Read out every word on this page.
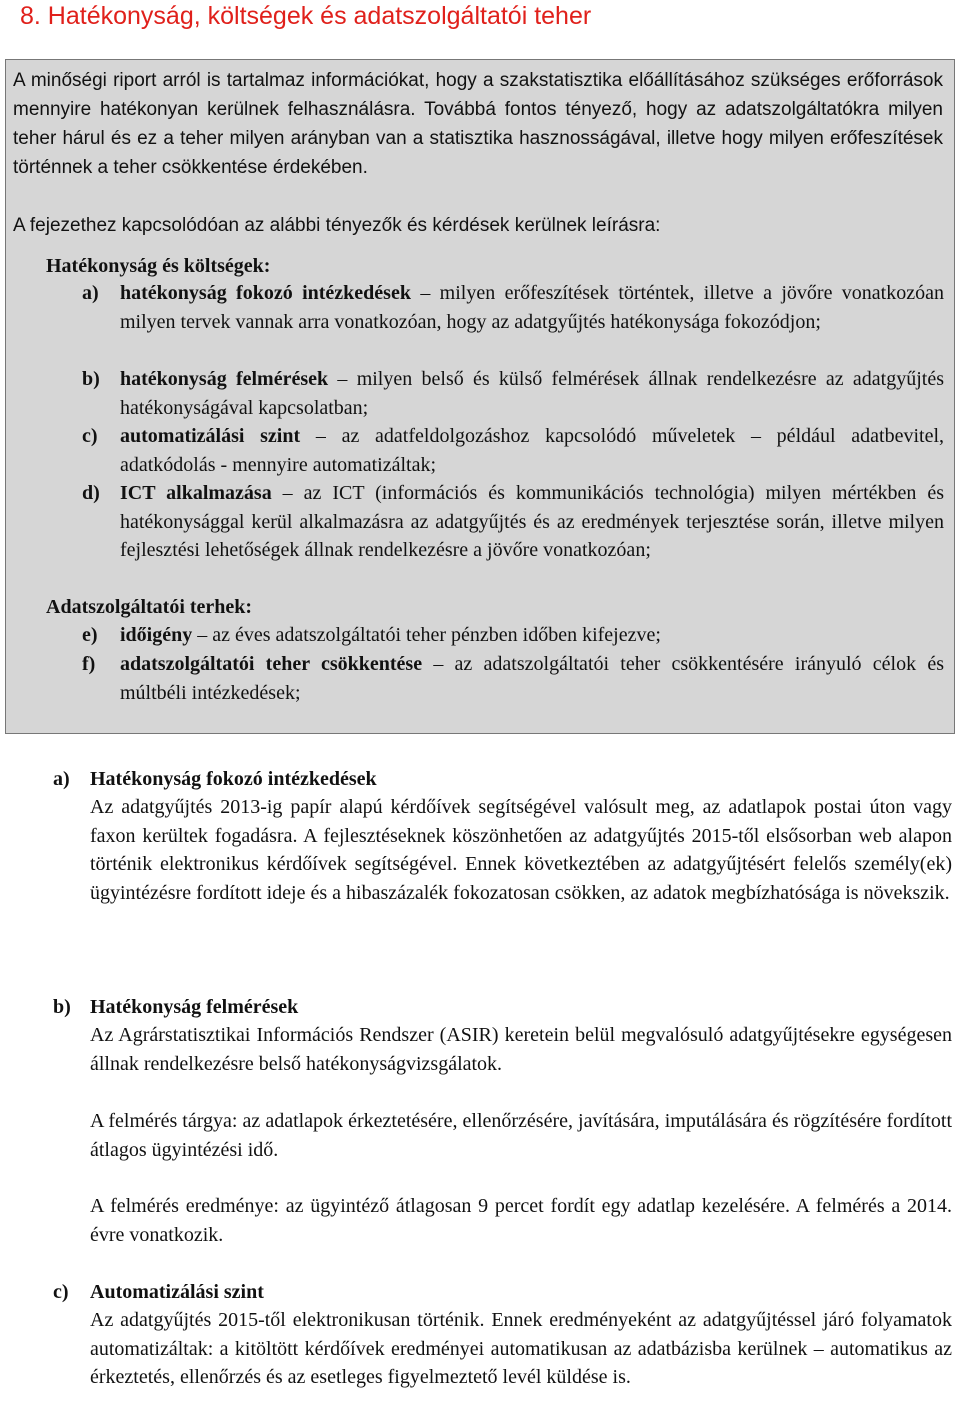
8. Hatékonyság, költségek és adatszolgáltatói teher

A minőségi riport arról is tartalmaz információkat, hogy a szakstatisztika előállításához szükséges erőforrások mennyire hatékonyan kerülnek felhasználásra. Továbbá fontos tényező, hogy az adatszolgáltatókra milyen teher hárul és ez a teher milyen arányban van a statisztika hasznosságával, illetve hogy milyen erőfeszítések történnek a teher csökkentése érdekében.

A fejezethez kapcsolódóan az alábbi tényezők és kérdések kerülnek leírásra:

Hatékonyság és költségek:
a) hatékonyság fokozó intézkedések – milyen erőfeszítések történtek, illetve a jövőre vonatkozóan milyen tervek vannak arra vonatkozóan, hogy az adatgyűjtés hatékonysága fokozódjon;
b) hatékonyság felmérések – milyen belső és külső felmérések állnak rendelkezésre az adatgyűjtés hatékonyságával kapcsolatban;
c) automatizálási szint – az adatfeldolgozáshoz kapcsolódó műveletek – például adatbevitel, adatkódolás - mennyire automatizáltak;
d) ICT alkalmazása – az ICT (információs és kommunikációs technológia) milyen mértékben és hatékonysággal kerül alkalmazásra az adatgyűjtés és az eredmények terjesztése során, illetve milyen fejlesztési lehetőségek állnak rendelkezésre a jövőre vonatkozóan;
Adatszolgáltatói terhek:
e) időigény – az éves adatszolgáltatói teher pénzben időben kifejezve;
f) adatszolgáltatói teher csökkentése – az adatszolgáltatói teher csökkentésére irányuló célok és múltbéli intézkedések;
a) Hatékonyság fokozó intézkedések

Az adatgyűjtés 2013-ig papír alapú kérdőívek segítségével valósult meg, az adatlapok postai úton vagy faxon kerültek fogadásra. A fejlesztéseknek köszönhetően az adatgyűjtés 2015-től elsősorban web alapon történik elektronikus kérdőívek segítségével. Ennek következtében az adatgyűjtésért felelős személy(ek) ügyintézésre fordított ideje és a hibaszázalék fokozatosan csökken, az adatok megbízhatósága is növekszik.

b) Hatékonyság felmérések

Az Agrárstatisztikai Információs Rendszer (ASIR) keretein belül megvalósuló adatgyűjtésekre egységesen állnak rendelkezésre belső hatékonyságvizsgálatok.

A felmérés tárgya: az adatlapok érkeztetésére, ellenőrzésére, javítására, imputálására és rögzítésére fordított átlagos ügyintézési idő.

A felmérés eredménye: az ügyintéző átlagosan 9 percet fordít egy adatlap kezelésére. A felmérés a 2014. évre vonatkozik.

c) Automatizálási szint

Az adatgyűjtés 2015-től elektronikusan történik. Ennek eredményeként az adatgyűjtéssel járó folyamatok automatizáltak: a kitöltött kérdőívek eredményei automatikusan az adatbázisba kerülnek – automatikus az érkeztetés, ellenőrzés és az esetleges figyelmeztető levél küldése is.
